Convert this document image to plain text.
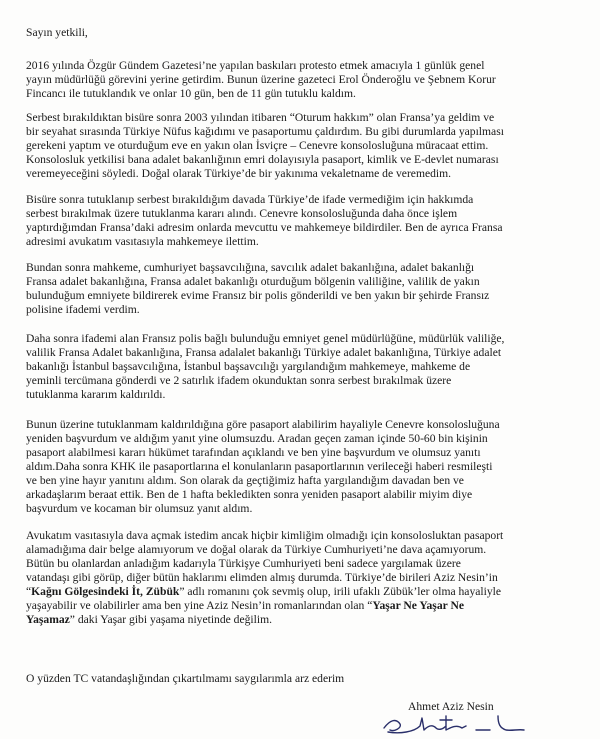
Sayın yetkili,

2016 yılında Özgür Gündem Gazetesi’ne yapılan baskıları protesto etmek amacıyla 1 günlük genel
yayın müdürlüğü görevini yerine getirdim. Bunun üzerine gazeteci Erol Önderoğlu ve Şebnem Korur
Fincancı ile tutuklandık ve onlar 10 gün, ben de 11 gün tutuklu kaldım.

Serbest bırakıldıktan bisüre sonra 2003 yılından itibaren “Oturum hakkım” olan Fransa’ya geldim ve
bir seyahat sırasında Türkiye Nüfus kağıdımı ve pasaportumu çaldırdım. Bu gibi durumlarda yapılması
gerekeni yaptım ve oturduğum eve en yakın olan İsviçre – Cenevre konsolosluğuna müracaat ettim.
Konsolosluk yetkilisi bana adalet bakanlığının emri dolayısıyla pasaport, kimlik ve E-devlet numarası
veremeyeceğini söyledi. Doğal olarak Türkiye’de bir yakınıma vekaletname de veremedim.

Bisüre sonra tutuklanıp serbest bırakıldığım davada Türkiye’de ifade vermediğim için hakkımda
serbest bırakılmak üzere tutuklanma kararı alındı. Cenevre konsolosluğunda daha önce işlem
yaptırdığımdan Fransa’daki adresim onlarda mevcuttu ve mahkemeye bildirdiler. Ben de ayrıca Fransa
adresimi avukatım vasıtasıyla mahkemeye ilettim.

Bundan sonra mahkeme, cumhuriyet başsavcılığına, savcılık adalet bakanlığına, adalet bakanlığı
Fransa adalet bakanlığına, Fransa adalet bakanlığı oturduğum bölgenin valiliğine, valilik de yakın
bulunduğum emniyete bildirerek evime Fransız bir polis gönderildi ve ben yakın bir şehirde Fransız
polisine ifademi verdim.

Daha sonra ifademi alan Fransız polis bağlı bulunduğu emniyet genel müdürlüğüne, müdürlük valiliğe,
valilik Fransa Adalet bakanlığına, Fransa adalalet bakanlığı Türkiye adalet bakanlığına, Türkiye adalet
bakanlığı İstanbul başsavcılığına, İstanbul başsavcılığı yargılandığım mahkemeye, mahkeme de
yeminli tercümana gönderdi ve 2 satırlık ifadem okunduktan sonra serbest bırakılmak üzere
tutuklanma kararım kaldırıldı.

Bunun üzerine tutuklanmam kaldırıldığına göre pasaport alabilirim hayaliyle Cenevre konsolosluğuna
yeniden başvurdum ve aldığım yanıt yine olumsuzdu. Aradan geçen zaman içinde 50-60 bin kişinin
pasaport alabilmesi kararı hükümet tarafından açıklandı ve ben yine başvurdum ve olumsuz yanıtı
aldım.Daha sonra KHK ile pasaportlarına el konulanların pasaportlarının verileceği haberi resmileşti
ve ben yine hayır yanıtını aldım. Son olarak da geçtiğimiz hafta yargılandığım davadan ben ve
arkadaşlarım beraat ettik. Ben de 1 hafta bekledikten sonra yeniden pasaport alabilir miyim diye
başvurdum ve kocaman bir olumsuz yanıt aldım.

Avukatım vasıtasıyla dava açmak istedim ancak hiçbir kimliğim olmadığı için konsolosluktan pasaport
alamadığıma dair belge alamıyorum ve doğal olarak da Türkiye Cumhuriyeti’ne dava açamıyorum.
Bütün bu olanlardan anladığım kadarıyla Türkişye Cumhuriyeti beni sadece yargılamak üzere
vatandaşı gibi görüp, diğer bütün haklarımı elimden almış durumda. Türkiye’de birileri Aziz Nesin’in
“Kağnı Gölgesindeki İt, Zübük” adlı romanını çok sevmiş olup, irili ufaklı Zübük’ler olma hayaliyle
yaşayabilir ve olabilirler ama ben yine Aziz Nesin’in romanlarından olan “Yaşar Ne Yaşar Ne
Yaşamaz” daki Yaşar gibi yaşama niyetinde değilim.

O yüzden TC vatandaşlığından çıkartılmamı saygılarımla arz ederim
Ahmet Aziz Nesin
